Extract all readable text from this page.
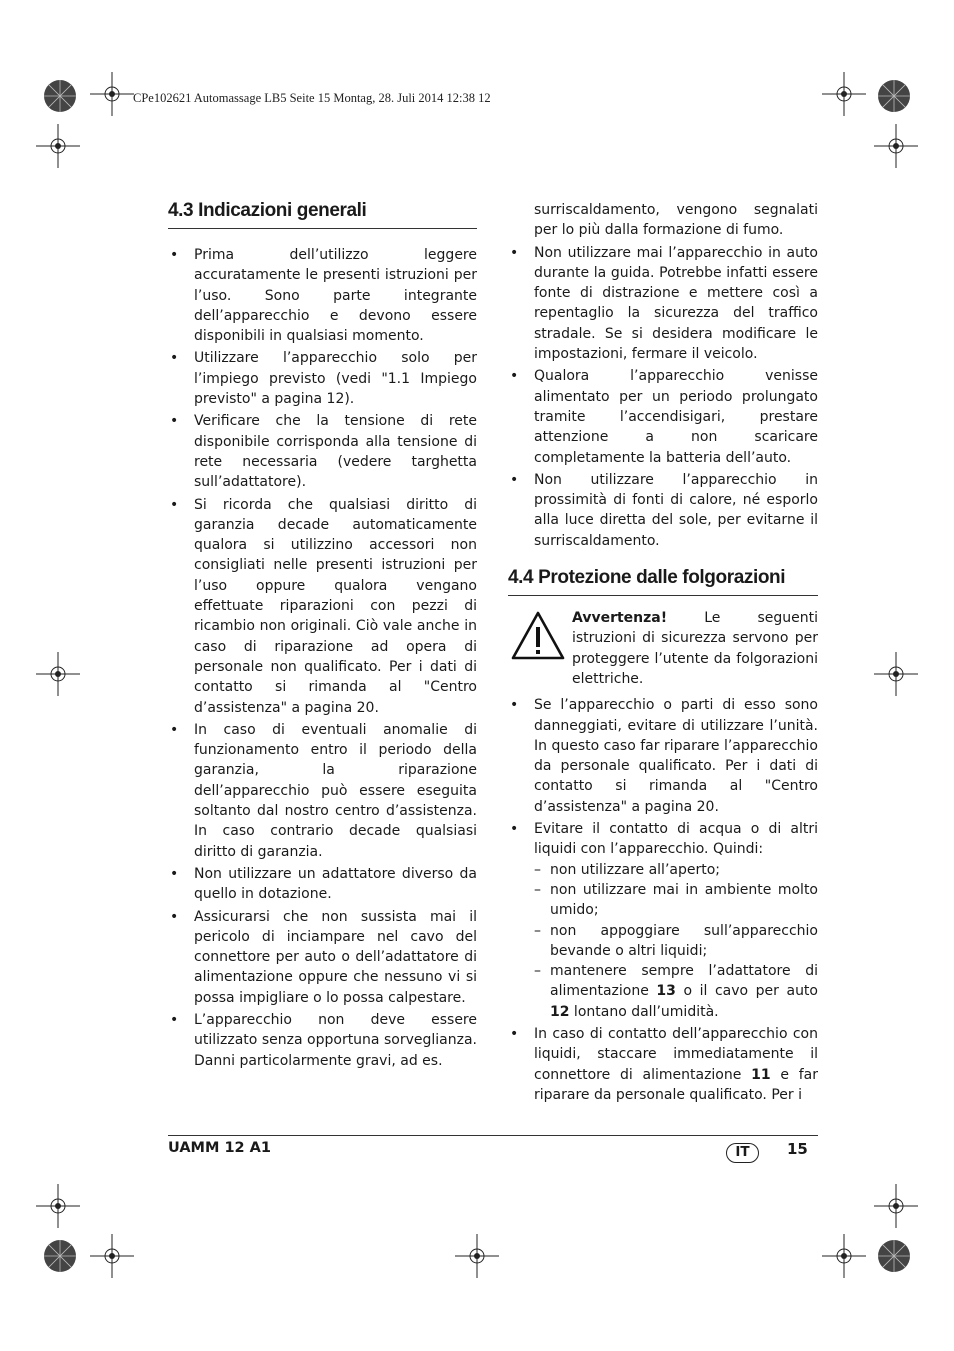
CPe102621 Automassage LB5 Seite 15 Montag, 28. Juli 2014 12:38 12
4.3 Indicazioni generali
• Prima dell’utilizzo leggere accuratamente le presenti istruzioni per l’uso. Sono parte integrante dell’apparecchio e devono essere disponibili in qualsiasi momento.
• Utilizzare l’apparecchio solo per l’impiego previsto (vedi "1.1 Impiego previsto" a pagina 12).
• Verificare che la tensione di rete disponibile corrisponda alla tensione di rete necessaria (vedere targhetta sull’adattatore).
• Si ricorda che qualsiasi diritto di garanzia decade automaticamente qualora si utilizzino accessori non consigliati nelle presenti istruzioni per l’uso oppure qualora vengano effettuate riparazioni con pezzi di ricambio non originali. Ciò vale anche in caso di riparazione ad opera di personale non qualificato. Per i dati di contatto si rimanda al "Centro d’assistenza" a pagina 20.
• In caso di eventuali anomalie di funzionamento entro il periodo della garanzia, la riparazione dell’apparecchio può essere eseguita soltanto dal nostro centro d’assistenza. In caso contrario decade qualsiasi diritto di garanzia.
• Non utilizzare un adattatore diverso da quello in dotazione.
• Assicurarsi che non sussista mai il pericolo di inciampare nel cavo del connettore per auto o dell’adattatore di alimentazione oppure che nessuno vi si possa impigliare o lo possa calpestare.
• L’apparecchio non deve essere utilizzato senza opportuna sorveglianza. Danni particolarmente gravi, ad es.

surriscaldamento, vengono segnalati per lo più dalla formazione di fumo.

• Non utilizzare mai l’apparecchio in auto durante la guida. Potrebbe infatti essere fonte di distrazione e mettere così a repentaglio la sicurezza del traffico stradale. Se si desidera modificare le impostazioni, fermare il veicolo.
• Qualora l’apparecchio venisse alimentato per un periodo prolungato tramite l’accendisigari, prestare attenzione a non scaricare completamente la batteria dell’auto.
• Non utilizzare l’apparecchio in prossimità di fonti di calore, né esporlo alla luce diretta del sole, per evitarne il surriscaldamento.
4.4 Protezione dalle folgorazioni
Avvertenza! Le seguenti istruzioni di sicurezza servono per proteggere l’utente da folgorazioni elettriche.
• Se l’apparecchio o parti di esso sono danneggiati, evitare di utilizzare l’unità. In questo caso far riparare l’apparecchio da personale qualificato. Per i dati di contatto si rimanda al "Centro d’assistenza" a pagina 20.
• Evitare il contatto di acqua o di altri liquidi con l’apparecchio. Quindi:
– non utilizzare all’aperto;
– non utilizzare mai in ambiente molto umido;
– non appoggiare sull’apparecchio bevande o altri liquidi;
– mantenere sempre l’adattatore di alimentazione 13 o il cavo per auto 12 lontano dall’umidità.
• In caso di contatto dell’apparecchio con liquidi, staccare immediatamente il connettore di alimentazione 11 e far riparare da personale qualificato. Per i
UAMM 12 A1	IT	15
